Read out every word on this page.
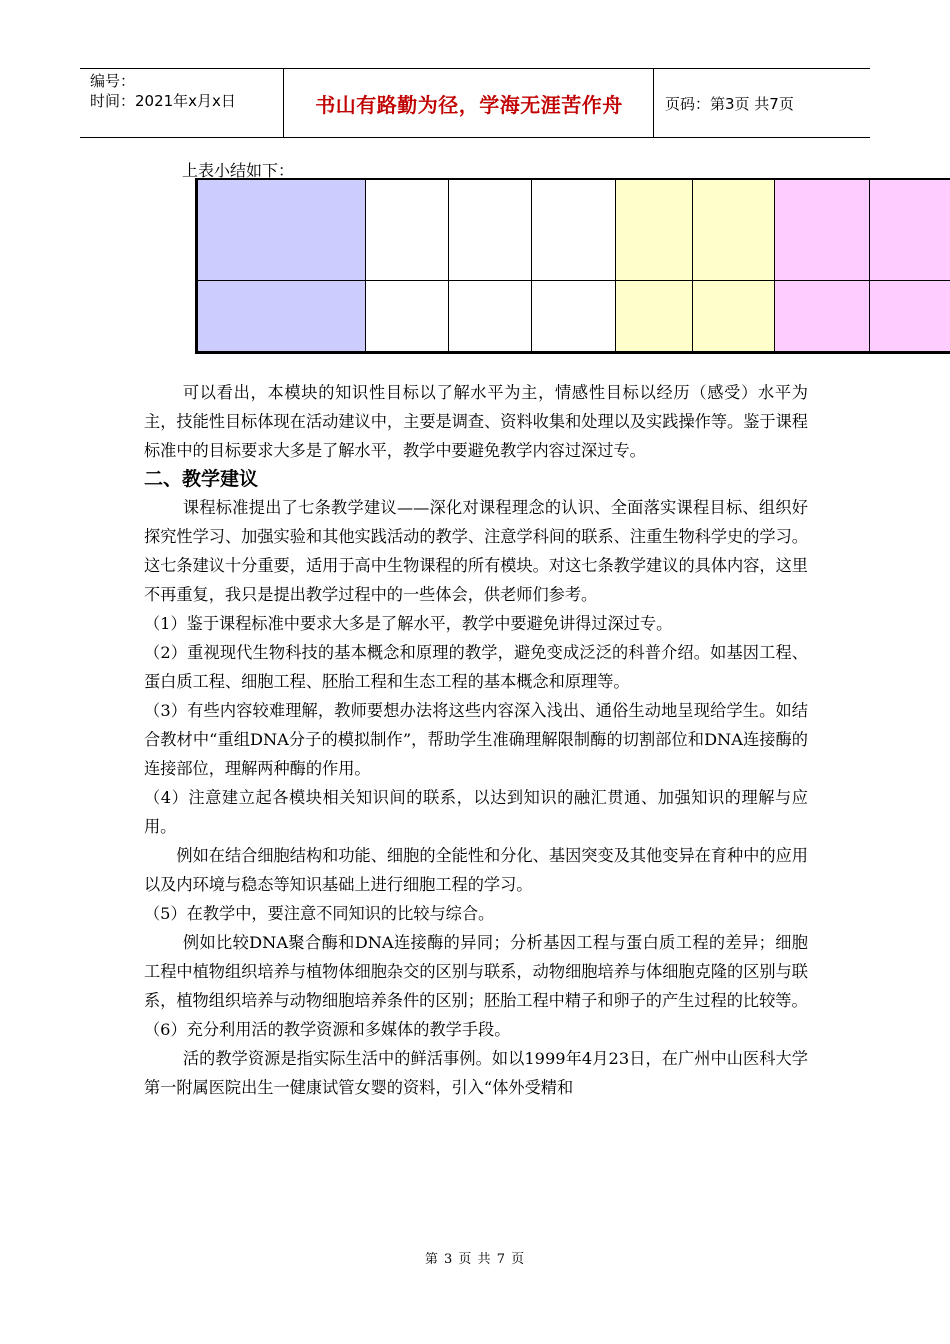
编号：
时间：2021年x月x日	书山有路勤为径，学海无涯苦作舟	页码：第3页 共7页
上表小结如下：

可以看出，本模块的知识性目标以了解水平为主，情感性目标以经历（感受）水平为主，技能性目标体现在活动建议中，主要是调查、资料收集和处理以及实践操作等。鉴于课程标准中的目标要求大多是了解水平，教学中要避免教学内容过深过专。

二、教学建议

课程标准提出了七条教学建议——深化对课程理念的认识、全面落实课程目标、组织好探究性学习、加强实验和其他实践活动的教学、注意学科间的联系、注重生物科学史的学习。这七条建议十分重要，适用于高中生物课程的所有模块。对这七条教学建议的具体内容，这里不再重复，我只是提出教学过程中的一些体会，供老师们参考。

（1）鉴于课程标准中要求大多是了解水平，教学中要避免讲得过深过专。

（2）重视现代生物科技的基本概念和原理的教学，避免变成泛泛的科普介绍。如基因工程、蛋白质工程、细胞工程、胚胎工程和生态工程的基本概念和原理等。

（3）有些内容较难理解，教师要想办法将这些内容深入浅出、通俗生动地呈现给学生。如结合教材中“重组DNA分子的模拟制作”，帮助学生准确理解限制酶的切割部位和DNA连接酶的连接部位，理解两种酶的作用。

（4）注意建立起各模块相关知识间的联系，以达到知识的融汇贯通、加强知识的理解与应用。

例如在结合细胞结构和功能、细胞的全能性和分化、基因突变及其他变异在育种中的应用以及内环境与稳态等知识基础上进行细胞工程的学习。

（5）在教学中，要注意不同知识的比较与综合。

例如比较DNA聚合酶和DNA连接酶的异同；分析基因工程与蛋白质工程的差异；细胞工程中植物组织培养与植物体细胞杂交的区别与联系，动物细胞培养与体细胞克隆的区别与联系，植物组织培养与动物细胞培养条件的区别；胚胎工程中精子和卵子的产生过程的比较等。

（6）充分利用活的教学资源和多媒体的教学手段。

活的教学资源是指实际生活中的鲜活事例。如以1999年4月23日，在广州中山医科大学第一附属医院出生一健康试管女婴的资料，引入“体外受精和

第 3 页 共 7 页
